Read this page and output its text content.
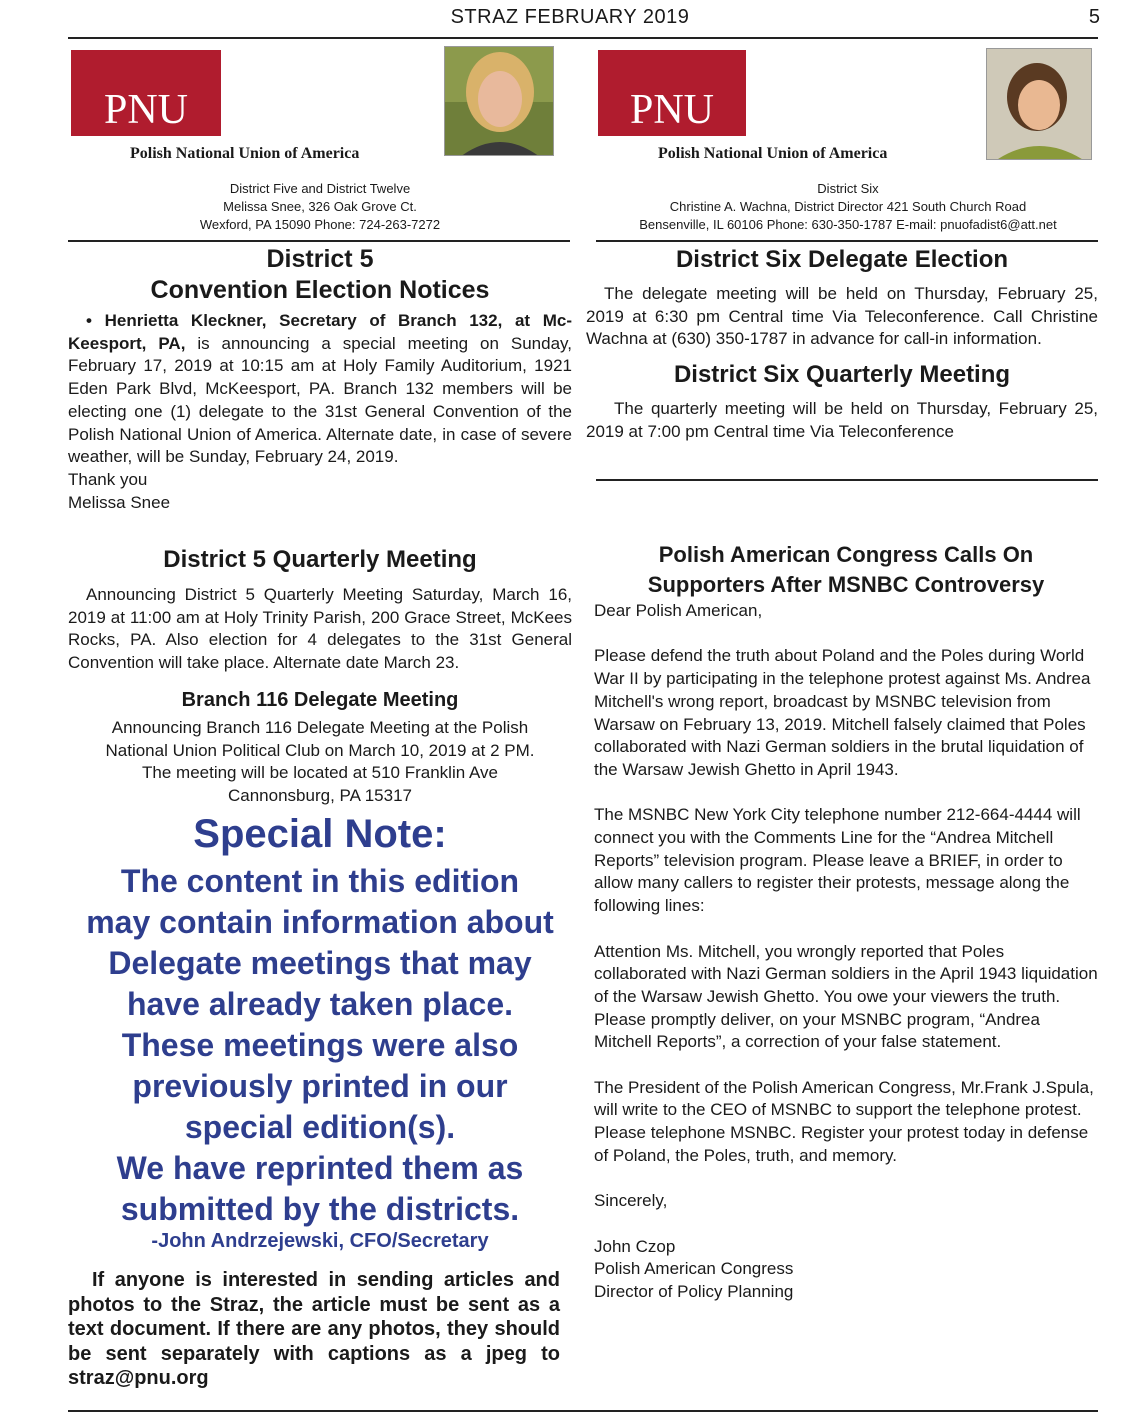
STRAZ FEBRUARY 2019	5
PNU
Polish National Union of America
District Five and District Twelve
Melissa Snee, 326 Oak Grove Ct.
Wexford, PA 15090 Phone: 724-263-7272
PNU
Polish National Union of America
District Six
Christine A. Wachna, District Director 421 South Church Road
Bensenville, IL 60106 Phone: 630-350-1787 E-mail: pnuofadist6@att.net
District 5
Convention Election Notices
• Henrietta Kleckner, Secretary of Branch 132, at Mc-Keesport, PA, is announcing a special meeting on Sunday, February 17, 2019 at 10:15 am at Holy Family Auditorium, 1921 Eden Park Blvd, McKeesport, PA. Branch 132 members will be electing one (1) delegate to the 31st General Convention of the Polish National Union of America. Alternate date, in case of severe weather, will be Sunday, February 24, 2019.
Thank you
Melissa Snee
District 5 Quarterly Meeting
Announcing District 5 Quarterly Meeting Saturday, March 16, 2019 at 11:00 am at Holy Trinity Parish, 200 Grace Street, McKees Rocks, PA. Also election for 4 delegates to the 31st General Convention will take place. Alternate date March 23.
Branch 116 Delegate Meeting
Announcing Branch 116 Delegate Meeting at the Polish
National Union Political Club on March 10, 2019 at 2 PM.
The meeting will be located at 510 Franklin Ave
Cannonsburg, PA 15317
Special Note:
The content in this edition
may contain information about
Delegate meetings that may
have already taken place.
These meetings were also
previously printed in our
special edition(s).
We have reprinted them as
submitted by the districts.
-John Andrzejewski, CFO/Secretary
If anyone is interested in sending articles and photos to the Straz, the article must be sent as a text document. If there are any photos, they should be sent separately with captions as a jpeg to straz@pnu.org
District Six Delegate Election
The delegate meeting will be held on Thursday, February 25, 2019 at 6:30 pm Central time Via Teleconference. Call Christine Wachna at (630) 350-1787 in advance for call-in information.
District Six Quarterly Meeting
The quarterly meeting will be held on Thursday, February 25, 2019 at 7:00 pm Central time Via Teleconference
Polish American Congress Calls On
Supporters After MSNBC Controversy

Dear Polish American,

Please defend the truth about Poland and the Poles during World War II by participating in the telephone protest against Ms. Andrea Mitchell's wrong report, broadcast by MSNBC television from Warsaw on February 13, 2019. Mitchell falsely claimed that Poles collaborated with Nazi German soldiers in the brutal liquidation of the Warsaw Jewish Ghetto in April 1943.

The MSNBC New York City telephone number 212-664-4444 will connect you with the Comments Line for the “Andrea Mitchell Reports” television program. Please leave a BRIEF, in order to allow many callers to register their protests, message along the following lines:

Attention Ms. Mitchell, you wrongly reported that Poles collaborated with Nazi German soldiers in the April 1943 liquidation of the Warsaw Jewish Ghetto. You owe your viewers the truth. Please promptly deliver, on your MSNBC program, “Andrea Mitchell Reports”, a correction of your false statement.

The President of the Polish American Congress, Mr.Frank J.Spula, will write to the CEO of MSNBC to support the telephone protest.

Please telephone MSNBC. Register your protest today in defense of Poland, the Poles, truth, and memory.

Sincerely,

John Czop
Polish American Congress
Director of Policy Planning
